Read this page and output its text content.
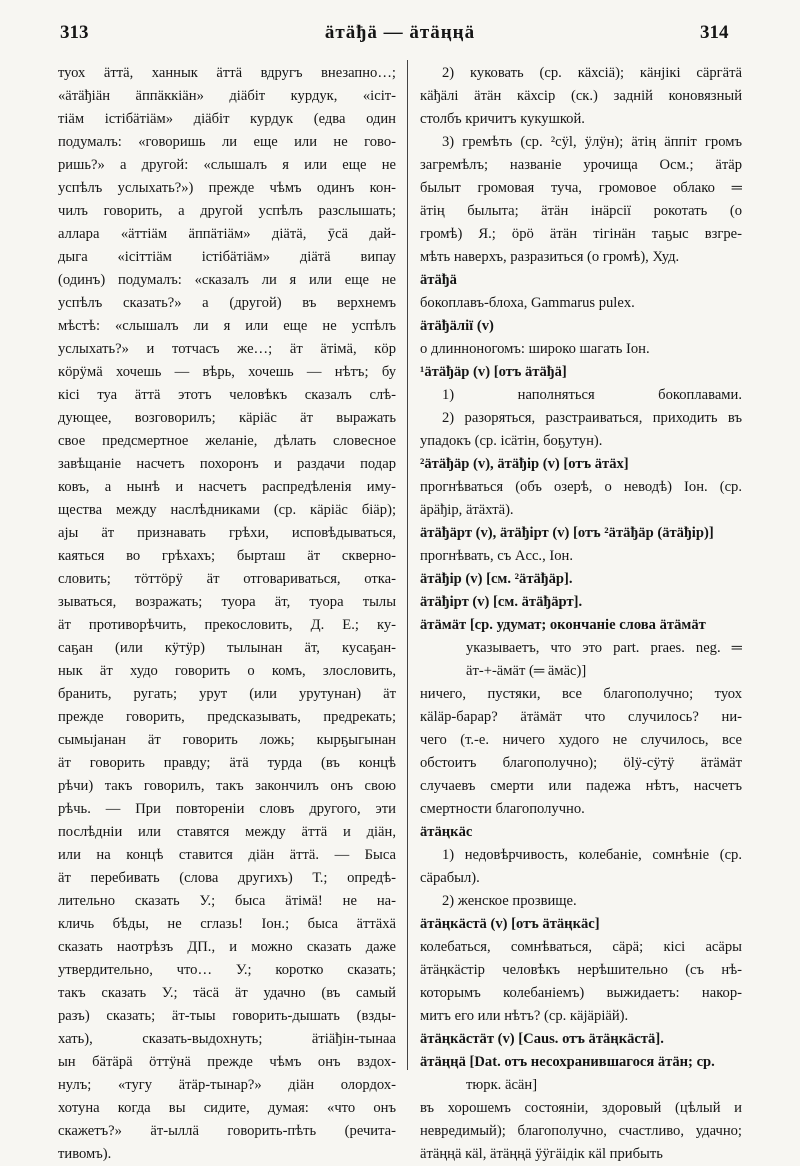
313	äтäђä — äтäңңä	314
туох äттä, ханнык äттä вдругъ внезапно…;
«äтäђiäн äппäккiäн» дiäбiт курдук, «iсiт-
тiäм iстiбäтiäм» дiäбiт курдук (едва один
подумалъ: «говоришь ли еще или не гово-
ришь?» а другой: «слышалъ я или еще не
успѣлъ услыхать?») прежде чѣмъ одинъ кон-
чилъ говорить, а другой успѣлъ разслышать;
аллара «äттiäм äппäтiäм» дiäтä, ӯсä дай-
дыга «iсiттiäм iстiбäтiäм» дiäтä випау
(одинъ) подумалъ: «сказалъ ли я или еще не
успѣлъ сказать?» а (другой) въ верхнемъ
мѣстѣ: «слышалъ ли я или еще не успѣлъ
услыхать?» и тотчасъ же…; äт äтiмä, кӧр
кӧрӱмä хочешь — вѣрь, хочешь — нѣтъ; бу
кiсi туа äттä этотъ человѣкъ сказалъ слѣ-
дующее, возговорилъ; кäрiäс äт выражать
свое предсмертное желаніе, дѣлать словесное
завѣщаніе насчетъ похоронъ и раздачи подар
ковъ, а нынѣ и насчетъ распредѣленія иму-
щества между наслѣдниками (ср. кäрiäс бiäр);
аjы äт признавать грѣхи, исповѣдываться,
каяться во грѣхахъ; бырташ äт скверно-
словить; тӧттӧрӱ äт отговариваться, отка-
зываться, возражать; туора äт, туора тылы
äт противорѣчить, прекословить, Д. Е.; ку-
саҕан (или кӱтӱр) тылынан äт, кусаҕан-
нык äт худо говорить о комъ, злословить,
бранить, ругать; урут (или урутунан) äт
прежде говорить, предсказывать, предрекать;
сымыjанан äт говорить ложь; кырҕыгынан
äт говорить правду; äтä турда (въ концѣ
рѣчи) такъ говорилъ, такъ закончилъ онъ свою
рѣчь. — При повтореніи словъ другого, эти
послѣдніи или ставятся между äттä и дiäн,
или на концѣ ставится дiäн äттä. — Быса
äт перебивать (слова другихъ) Т.; опредѣ-
лительно сказать У.; быса äтiмä! не на-
кличь бѣды, не сглазь! Іон.; быса äттäхä
сказать наотрѣзъ ДП., и можно сказать даже
утвердительно, что… У.; коротко сказать;
такъ сказать У.; тäсä äт удачно (въ самый
разъ) сказать; äт-тыы говорить-дышать (взды-
хать), сказать-выдохнуть; äтiäђiн-тынаа
ын бäтäрä ӧттӱнä прежде чѣмъ онъ вздох-
нулъ; «тугу äтäр-тынар?» дiäн олордох-
хотуна когда вы сидите, думая: «что онъ
скажетъ?» äт-ыллä говорить-пѣть (речита-
тивомъ).
2) куковать (ср. кäхсiä); кäнjiкi сäргäтä
кäђäлi äтäн кäхсiр (ск.) задній коновязный
столбъ кричитъ кукушкой.
3) гремѣть (ср. ²сӱl, ӱлӱн); äтiң äппiт громъ
загремѣлъ; названіе урочища Осм.; äтäр
былыт громовая туча, громовое облако ═
äтiң былыта; äтäн iнäрсiï рокотать (о
громѣ) Я.; ӧрӧ äтäн тiгiнäн таҕыс взгре-
мѣть наверхъ, разразиться (о громѣ), Худ.
äтäђä
бокоплавъ-блоха, Gammarus pulex.
äтäђäлiï (v)
о длинноногомъ: широко шагать Іон.
¹äтäђäр (v) [отъ äтäђä]
1) наполняться бокоплавами.
2) разоряться, разстраиваться, приходить въ
упадокъ (ср. iсäтiн, боҕутун).
²äтäђäр (v), äтäђiр (v) [отъ äтäх]
прогнѣваться (объ озерѣ, о неводѣ) Іон. (ср.
äрäђiр, äтäхтä).
äтäђäрт (v), äтäђiрт (v) [отъ ²äтäђäр (äтäђiр)]
прогнѣвать, съ Acc., Іон.
äтäђiр (v) [см. ²äтäђäр].
äтäђiрт (v) [см. äтäђäрт].
äтäмäт [ср. удумат; окончаніе слова äтäмäт
указываетъ, что это part. praes. neg. ═
äт-+-äмäт (═ äмäс)]
ничего, пустяки, все благополучно; туох
кäläр-барар? äтäмäт что случилось? ни-
чего (т.-е. ничего худого не случилось, все
обстоитъ благополучно); ӧlӱ-сӱтӱ äтäмäт
случаевъ смерти или падежа нѣтъ, насчетъ
смертности благополучно.
äтäңкäс
1) недовѣрчивость, колебаніе, сомнѣніе (ср.
сäрабыл).
2) женское прозвище.
äтäңкäстä (v) [отъ äтäңкäс]
колебаться, сомнѣваться, сäрä; кiсi асäры
äтäңкäстiр человѣкъ нерѣшительно (съ нѣ-
которымъ колебаніемъ) выжидаетъ: накор-
митъ его или нѣтъ? (ср. кäjäрiäй).
äтäңкäстäт (v) [Caus. отъ äтäңкäстä].
äтäңңä [Dat. отъ несохранившагося äтäн; ср.
тюрк. äсäн]
въ хорошемъ состояніи, здоровый (цѣлый и
невредимый); благополучно, счастливо, удачно;
äтäңңä кäl, äтäңңä ӱӱгäiдiк кäl прибыть
